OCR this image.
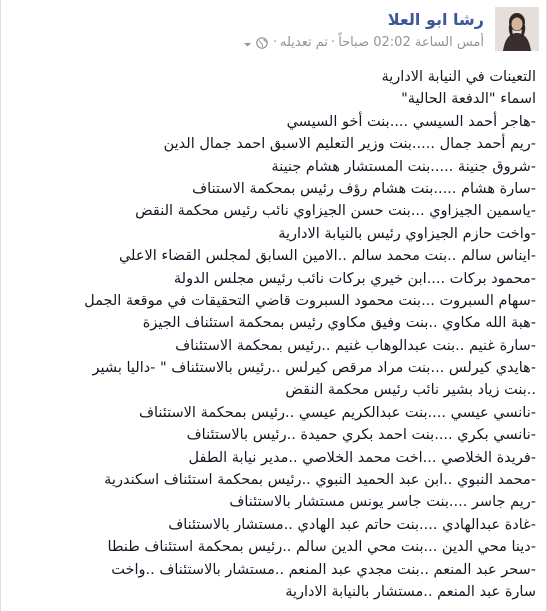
رشا ابو العلا
أمس الساعة 02:02 صباحاً
·
تم تعديله
·
التعينات في النيابة الادارية
اسماء "الدفعة الحالية"
-هاجر أحمد السيسي ....بنت أخو السيسي
-ريم أحمد جمال .....بنت وزير التعليم الاسبق احمد جمال الدين
-شروق جنينة .....بنت المستشار هشام جنينة
-سارة هشام .....بنت هشام رؤف رئيس بمحكمة الاستناف
-ياسمين الجيزاوي ...بنت حسن الجيزاوي نائب رئيس محكمة النقض
-واخت حازم الجيزاوي رئيس بالنيابة الادارية
-ايناس سالم ..بنت محمد سالم ..الامين السابق لمجلس القضاء الاعلي
-محمود بركات ....ابن خيري بركات نائب رئيس مجلس الدولة
-سهام السبروت ...بنت محمود السبروت قاضي التحقيقات في موقعة الجمل
-هبة الله مكاوي ..بنت وفيق مكاوي رئيس بمحكمة استئناف الجيزة
-سارة غنيم ..بنت عبدالوهاب غنيم ..رئيس بمحكمة الاستئناف
-هايدي كيرلس ...بنت مراد مرقص كيرلس ..رئيس بالاستئناف " -داليا بشير
..بنت زياد بشير نائب رئيس محكمة النقض
-نانسي عيسي ....بنت عبدالكريم عيسي ..رئيس بمحكمة الاستئناف
-نانسي بكري ....بنت احمد بكري حميدة ..رئيس بالاستئناف
-فريدة الخلاصي ...اخت محمد الخلاصي ..مدير نيابة الطفل
-محمد النبوي ..ابن عبد الحميد النبوي ..رئيس بمحكمة استئناف اسكندرية
-ريم جاسر ....بنت جاسر يونس مستشار بالاستئناف
-غادة عبدالهادي ....بنت حاتم عبد الهادي ..مستشار بالاستئناف
-دينا محي الدين ...بنت محي الدين سالم ..رئيس بمحكمة استئناف طنطا
-سحر عبد المنعم ..بنت مجدي عبد المنعم ..مستشار بالاستئناف ..واخت
سارة عبد المنعم ..مستشار بالنيابة الادارية
